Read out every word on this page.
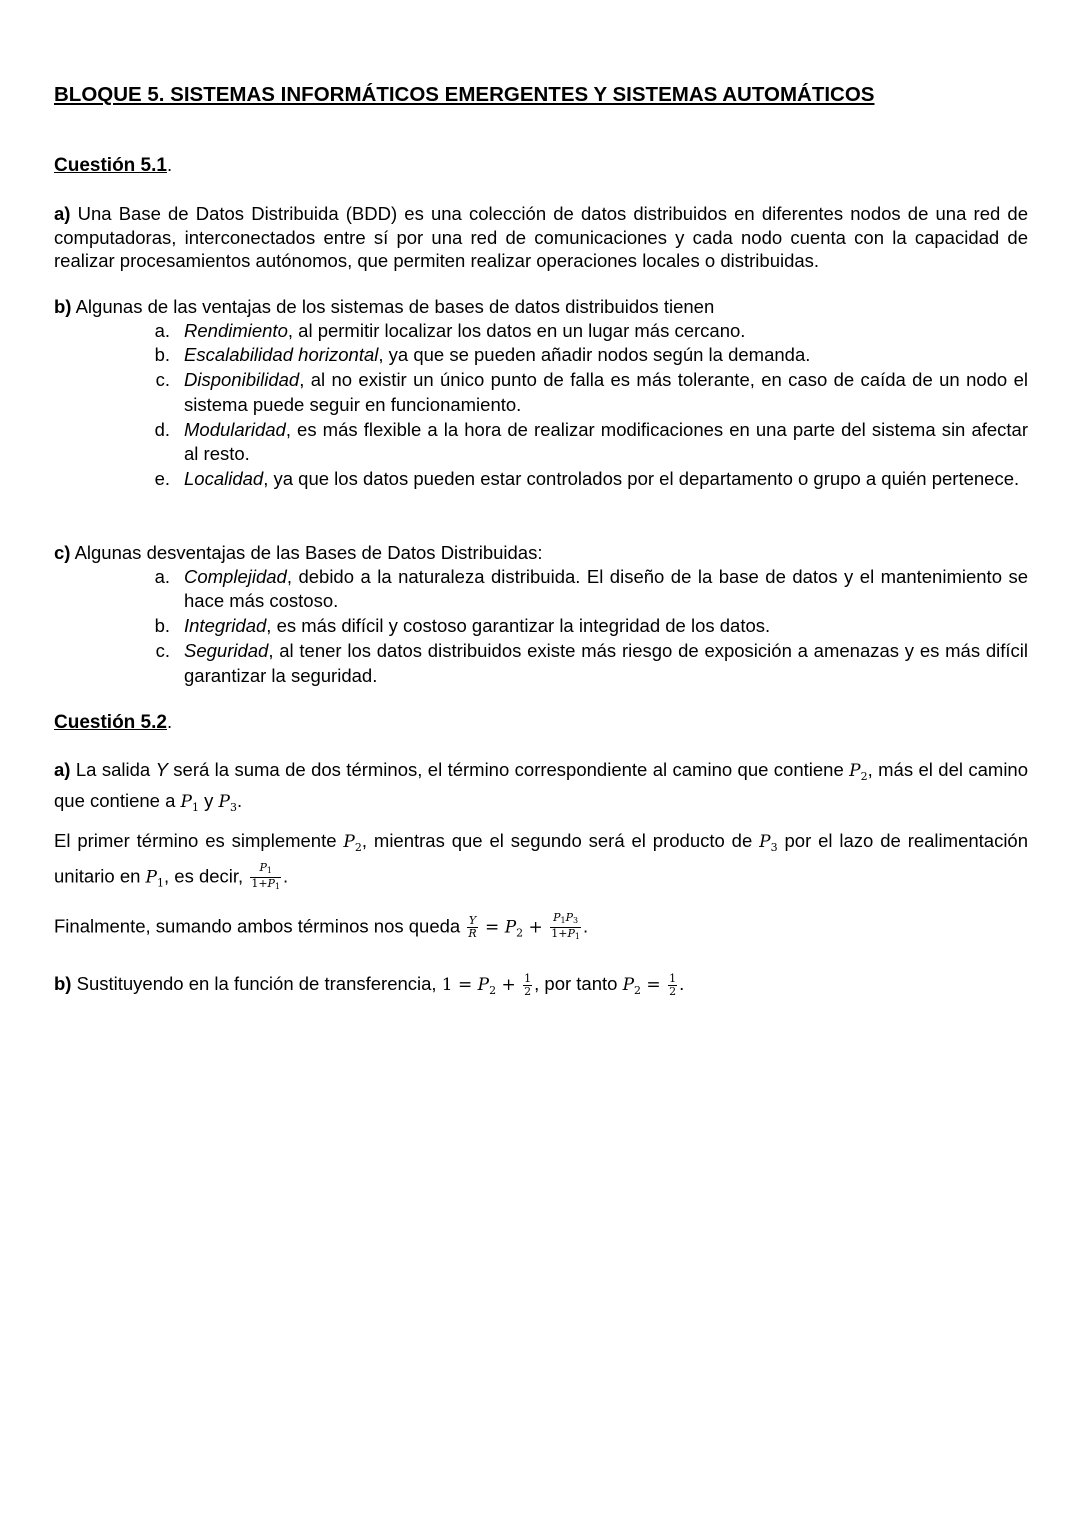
BLOQUE 5. SISTEMAS INFORMÁTICOS EMERGENTES Y SISTEMAS AUTOMÁTICOS
Cuestión 5.1.
a) Una Base de Datos Distribuida (BDD) es una colección de datos distribuidos en diferentes nodos de una red de computadoras, interconectados entre sí por una red de comunicaciones y cada nodo cuenta con la capacidad de realizar procesamientos autónomos, que permiten realizar operaciones locales o distribuidas.
b) Algunas de las ventajas de los sistemas de bases de datos distribuidos tienen
a. Rendimiento, al permitir localizar los datos en un lugar más cercano.
b. Escalabilidad horizontal, ya que se pueden añadir nodos según la demanda.
c. Disponibilidad, al no existir un único punto de falla es más tolerante, en caso de caída de un nodo el sistema puede seguir en funcionamiento.
d. Modularidad, es más flexible a la hora de realizar modificaciones en una parte del sistema sin afectar al resto.
e. Localidad, ya que los datos pueden estar controlados por el departamento o grupo a quién pertenece.
c) Algunas desventajas de las Bases de Datos Distribuidas:
a. Complejidad, debido a la naturaleza distribuida. El diseño de la base de datos y el mantenimiento se hace más costoso.
b. Integridad, es más difícil y costoso garantizar la integridad de los datos.
c. Seguridad, al tener los datos distribuidos existe más riesgo de exposición a amenazas y es más difícil garantizar la seguridad.
Cuestión 5.2.
a) La salida Y será la suma de dos términos, el término correspondiente al camino que contiene $P_2$, más el del camino que contiene a $P_1$ y $P_3$.
El primer término es simplemente $P_2$, mientras que el segundo será el producto de $P_3$ por el lazo de realimentación unitario en $P_1$, es decir, $\frac{P_1}{1+P_1}$ .
Finalmente, sumando ambos términos nos queda $\frac{Y}{R} = P_2 + \frac{P_1P_3}{1+P_1}$ .
b) Sustituyendo en la función de transferencia, $1 = P_2 + \frac{1}{2}$ , por tanto $P_2 = \frac{1}{2}$ .
